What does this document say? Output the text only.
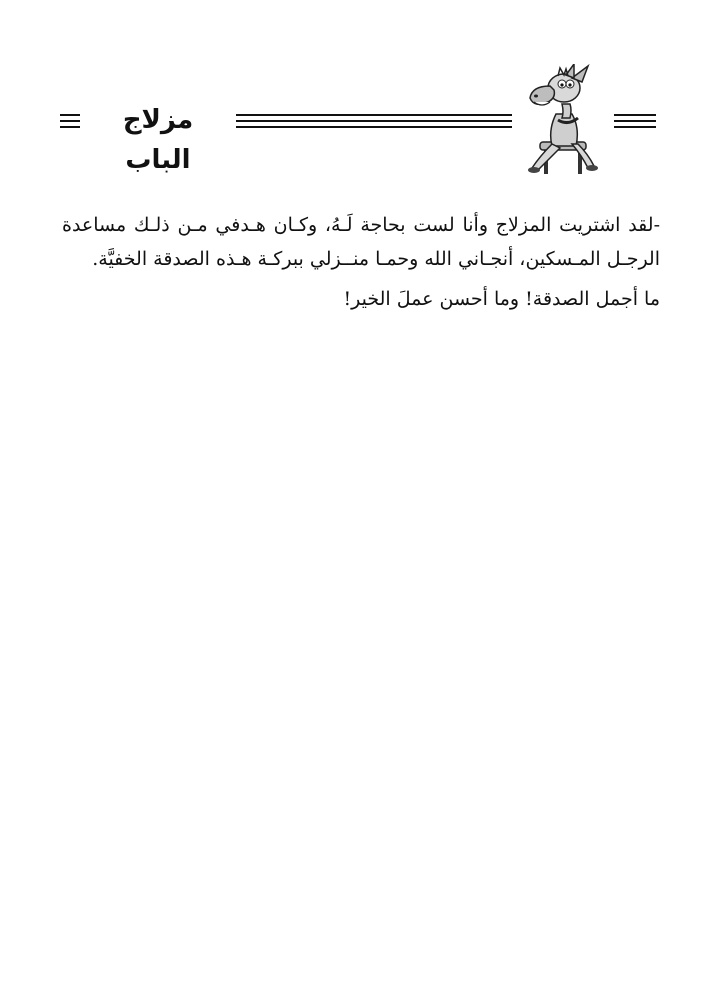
مزلاج الباب

-لقد اشتريت المزلاج وأنا لست بحاجة لَـهُ، وكـان هـدفي مـن ذلـك مساعدة الرجـل المـسكين، أنجـاني الله وحمـا منــزلي ببركـة هـذه الصدقة الخفيَّة.

ما أجمل الصدقة! وما أحسن عملَ الخير!
